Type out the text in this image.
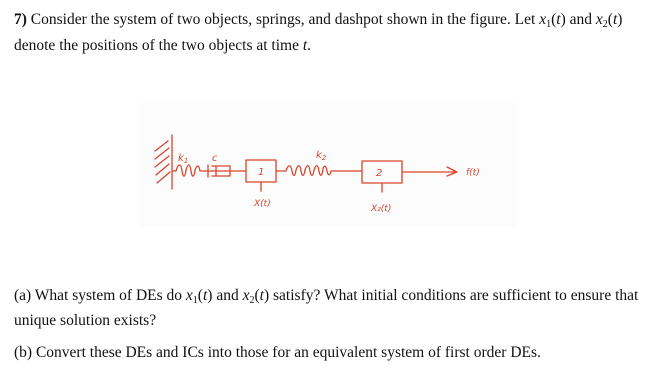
7) Consider the system of two objects, springs, and dashpot shown in the figure. Let $x_1(t)$ and $x_2(t)$ denote the positions of the two objects at time t.

$k_1$ c	$k_2$
1	2
X(t)	X₂(t)
f(t)

(a) What system of DEs do $x_1(t)$ and $x_2(t)$ satisfy? What initial conditions are sufficient to ensure that unique solution exists?

(b) Convert these DEs and ICs into those for an equivalent system of first order DEs.
